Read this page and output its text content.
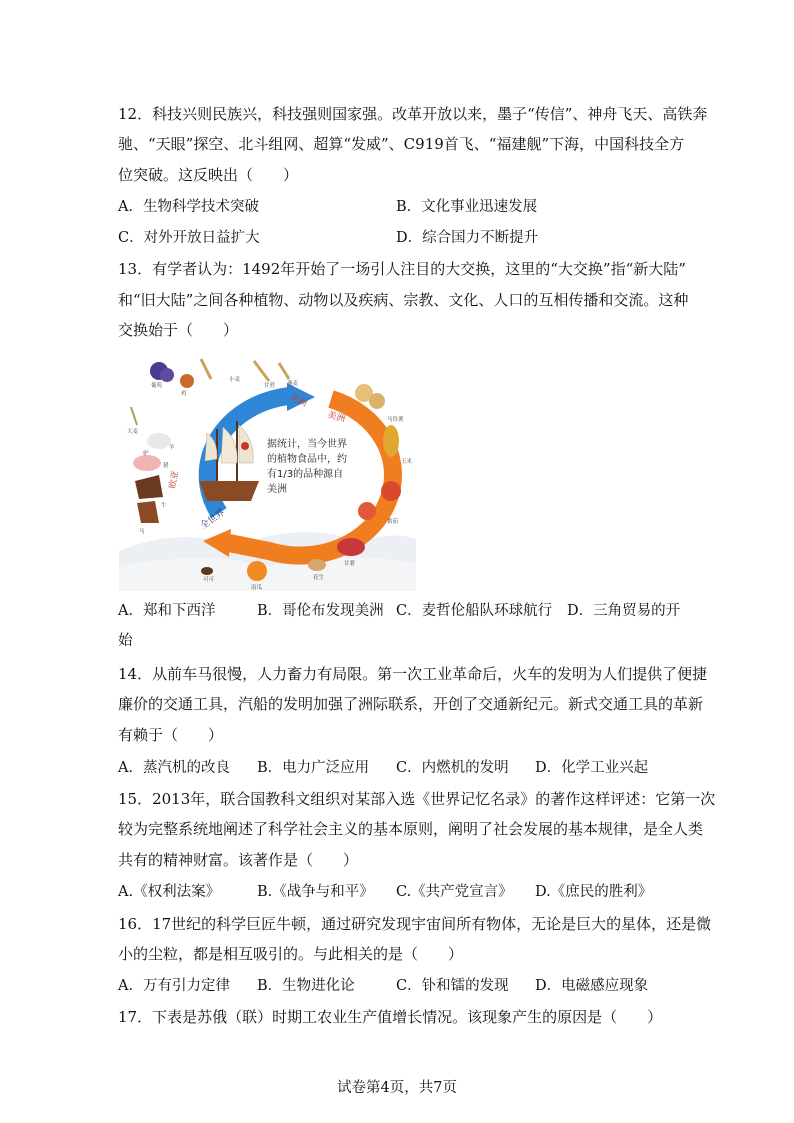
12．科技兴则民族兴，科技强则国家强。改革开放以来，墨子“传信”、神舟飞天、高铁奔
驰、“天眼”探空、北斗组网、超算“发威”、C919首飞、“福建舰”下海，中国科技全方
位突破。这反映出（　　）
A．生物科学技术突破	B．文化事业迅速发展
C．对外开放日益扩大	D．综合国力不断提升
13．有学者认为：1492年开始了一场引人注目的大交换，这里的“大交换”指“新大陆”
和“旧大陆”之间各种植物、动物以及疾病、宗教、文化、人口的互相传播和交流。这种
交换始于（　　）
美洲
美洲
欧亚
全世界
据统计，当今世界
的植物食品中，约
有1/3的品种源自
美洲
葡萄
鸡
小麦
燕麦
甘蔗
马铃薯
玉米
番茄
甘薯
花生
南瓜
可可
马
牛
猪
大麦
羊
驴
A．郑和下西洋	B．哥伦布发现美洲 C．麦哲伦船队环球航行 D．三角贸易的开
始
14．从前车马很慢，人力畜力有局限。第一次工业革命后，火车的发明为人们提供了便捷
廉价的交通工具，汽船的发明加强了洲际联系，开创了交通新纪元。新式交通工具的革新
有赖于（　　）
A．蒸汽机的改良 B．电力广泛应用 C．内燃机的发明 D．化学工业兴起
15．2013年，联合国教科文组织对某部入选《世界记忆名录》的著作这样评述：它第一次
较为完整系统地阐述了科学社会主义的基本原则，阐明了社会发展的基本规律，是全人类
共有的精神财富。该著作是（　　）
A.《权利法案》	B.《战争与和平》 C.《共产党宣言》 D.《庶民的胜利》
16．17世纪的科学巨匠牛顿，通过研究发现宇宙间所有物体，无论是巨大的星体，还是微
小的尘粒，都是相互吸引的。与此相关的是（　　）
A．万有引力定律 B．生物进化论	C．钋和镭的发现 D．电磁感应现象
17．下表是苏俄（联）时期工农业生产值增长情况。该现象产生的原因是（　　）
试卷第4页，共7页
